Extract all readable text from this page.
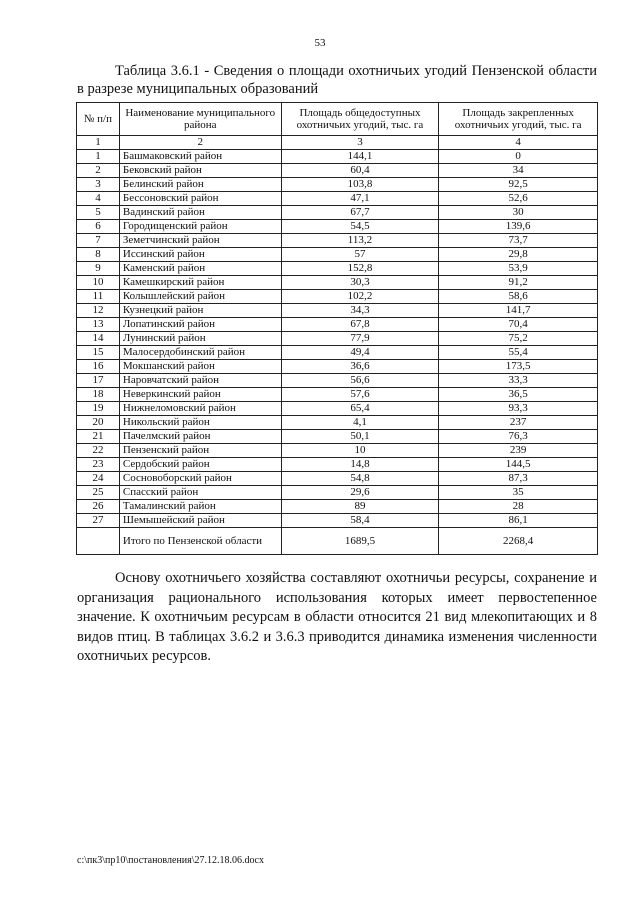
53
Таблица 3.6.1 - Сведения о площади охотничьих угодий Пензенской области в разрезе муниципальных образований
№ п/п	Наименование муниципального района	Площадь общедоступных охотничьих угодий, тыс. га	Площадь закрепленных охотничьих угодий, тыс. га
1	2	3	4
1	Башмаковский район	144,1	0
2	Бековский район	60,4	34
3	Белинский район	103,8	92,5
4	Бессоновский район	47,1	52,6
5	Вадинский район	67,7	30
6	Городищенский район	54,5	139,6
7	Земетчинский район	113,2	73,7
8	Иссинский район	57	29,8
9	Каменский район	152,8	53,9
10	Камешкирский район	30,3	91,2
11	Колышлейский район	102,2	58,6
12	Кузнецкий район	34,3	141,7
13	Лопатинский район	67,8	70,4
14	Лунинский район	77,9	75,2
15	Малосердобинский район	49,4	55,4
16	Мокшанский район	36,6	173,5
17	Наровчатский район	56,6	33,3
18	Неверкинский район	57,6	36,5
19	Нижнеломовский район	65,4	93,3
20	Никольский район	4,1	237
21	Пачелмский район	50,1	76,3
22	Пензенский район	10	239
23	Сердобский район	14,8	144,5
24	Сосновоборский район	54,8	87,3
25	Спасский район	29,6	35
26	Тамалинский район	89	28
27	Шемышейский район	58,4	86,1
	Итого по Пензенской области	1689,5	2268,4
Основу охотничьего хозяйства составляют охотничьи ресурсы, сохранение и организация рационального использования которых имеет первостепенное значение. К охотничьим ресурсам в области относится 21 вид млекопитающих и 8 видов птиц. В таблицах 3.6.2 и 3.6.3 приводится динамика изменения численности охотничьих ресурсов.
c:\пк3\пр10\постановления\27.12.18.06.docx
